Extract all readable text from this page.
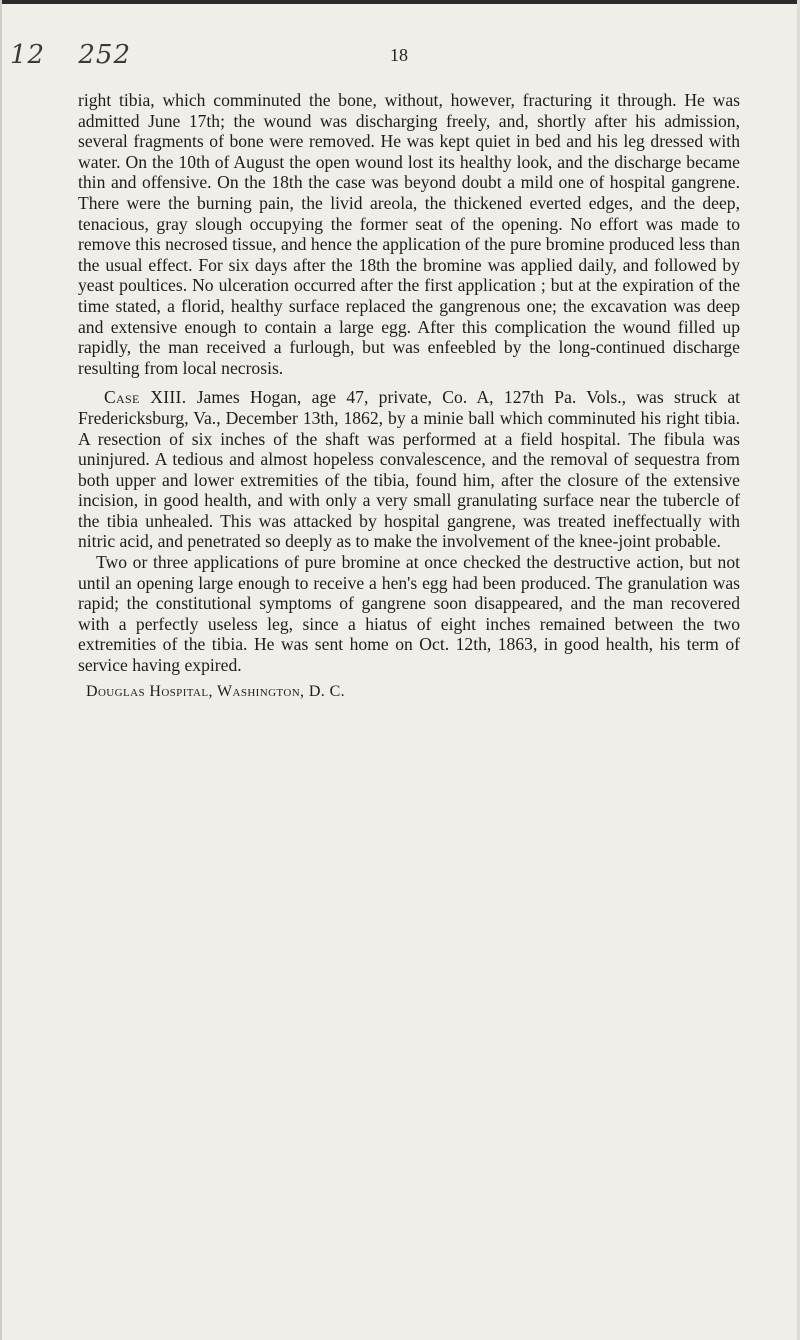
12 252	18

right tibia, which comminuted the bone, without, however, fracturing it through. He was admitted June 17th; the wound was discharging freely, and, shortly after his admission, several fragments of bone were removed. He was kept quiet in bed and his leg dressed with water. On the 10th of August the open wound lost its healthy look, and the discharge became thin and offensive. On the 18th the case was beyond doubt a mild one of hospital gangrene. There were the burning pain, the livid areola, the thickened everted edges, and the deep, tenacious, gray slough occupying the former seat of the opening. No effort was made to remove this necrosed tissue, and hence the application of the pure bromine produced less than the usual effect. For six days after the 18th the bromine was applied daily, and followed by yeast poultices. No ulceration occurred after the first application ; but at the expiration of the time stated, a florid, healthy surface replaced the gangrenous one; the excavation was deep and extensive enough to contain a large egg. After this complication the wound filled up rapidly, the man received a furlough, but was enfeebled by the long-continued discharge resulting from local necrosis.

Case XIII. James Hogan, age 47, private, Co. A, 127th Pa. Vols., was struck at Fredericksburg, Va., December 13th, 1862, by a minie ball which comminuted his right tibia. A resection of six inches of the shaft was performed at a field hospital. The fibula was uninjured. A tedious and almost hopeless convalescence, and the removal of sequestra from both upper and lower extremities of the tibia, found him, after the closure of the extensive incision, in good health, and with only a very small granulating surface near the tubercle of the tibia unhealed. This was attacked by hospital gangrene, was treated ineffectually with nitric acid, and penetrated so deeply as to make the involvement of the knee-joint probable.

Two or three applications of pure bromine at once checked the destructive action, but not until an opening large enough to receive a hen's egg had been produced. The granulation was rapid; the constitutional symptoms of gangrene soon disappeared, and the man recovered with a perfectly useless leg, since a hiatus of eight inches remained between the two extremities of the tibia. He was sent home on Oct. 12th, 1863, in good health, his term of service having expired.

Douglas Hospital, Washington, D. C.
